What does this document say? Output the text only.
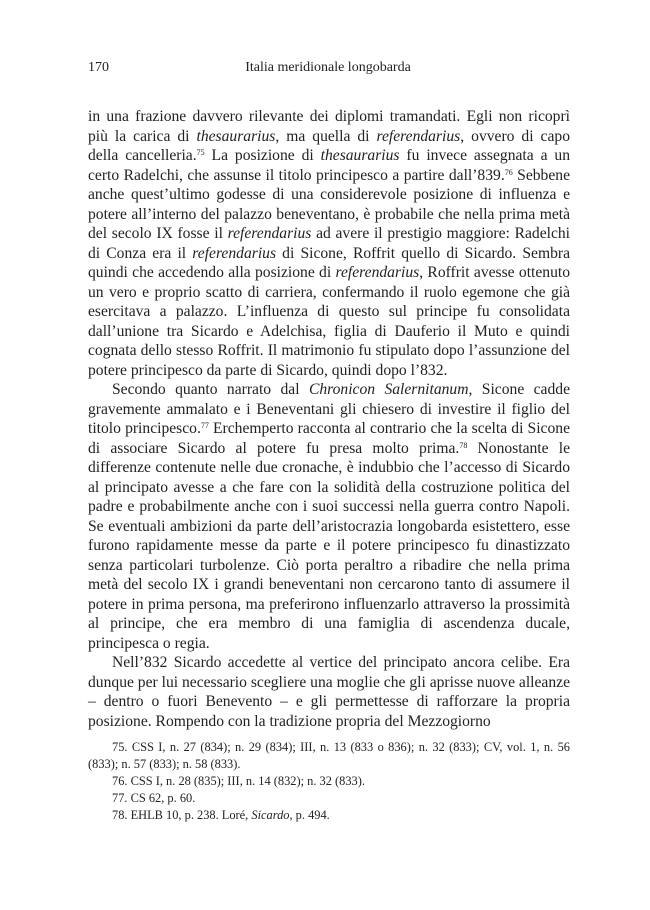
170	Italia meridionale longobarda

in una frazione davvero rilevante dei diplomi tramandati. Egli non ricoprì più la carica di thesaurarius, ma quella di referendarius, ovvero di capo della cancelleria.$^{75}$ La posizione di thesaurarius fu invece assegnata a un certo Radelchi, che assunse il titolo principesco a partire dall’839.76 Sebbene anche quest’ultimo godesse di una considerevole posizione di influenza e potere all’interno del palazzo beneventano, è probabile che nella prima metà del secolo IX fosse il referendarius ad avere il prestigio maggiore: Radelchi di Conza era il referendarius di Sicone, Roffrit quello di Sicardo. Sembra quindi che accedendo alla posizione di referendarius, Roffrit avesse ottenuto un vero e proprio scatto di carriera, confermando il ruolo egemone che già esercitava a palazzo. L’influenza di questo sul principe fu consolidata dall’unione tra Sicardo e Adelchisa, figlia di Dauferio il Muto e quindi cognata dello stesso Roffrit. Il matrimonio fu stipulato dopo l’assunzione del potere principesco da parte di Sicardo, quindi dopo l’832.

Secondo quanto narrato dal Chronicon Salernitanum, Sicone cadde gravemente ammalato e i Beneventani gli chiesero di investire il figlio del titolo principesco.$^{77}$ Erchemperto racconta al contrario che la scelta di Sicone di associare Sicardo al potere fu presa molto prima.$^{78}$ Nonostante le differenze contenute nelle due cronache, è indubbio che l’accesso di Sicardo al principato avesse a che fare con la solidità della costruzione politica del padre e probabilmente anche con i suoi successi nella guerra contro Napoli. Se eventuali ambizioni da parte dell’aristocrazia longobarda esistettero, esse furono rapidamente messe da parte e il potere principesco fu dinastizzato senza particolari turbolenze. Ciò porta peraltro a ribadire che nella prima metà del secolo IX i grandi beneventani non cercarono tanto di assumere il potere in prima persona, ma preferirono influenzarlo attraverso la prossimità al principe, che era membro di una famiglia di ascendenza ducale, principesca o regia.

Nell’832 Sicardo accedette al vertice del principato ancora celibe. Era dunque per lui necessario scegliere una moglie che gli aprisse nuove alleanze – dentro o fuori Benevento – e gli permettesse di rafforzare la propria posizione. Rompendo con la tradizione propria del Mezzogiorno

75. CSS I, n. 27 (834); n. 29 (834); III, n. 13 (833 o 836); n. 32 (833); CV, vol. 1, n. 56 (833); n. 57 (833); n. 58 (833).

76. CSS I, n. 28 (835); III, n. 14 (832); n. 32 (833).

77. CS 62, p. 60.

78. EHLB 10, p. 238. Loré, Sicardo, p. 494.
